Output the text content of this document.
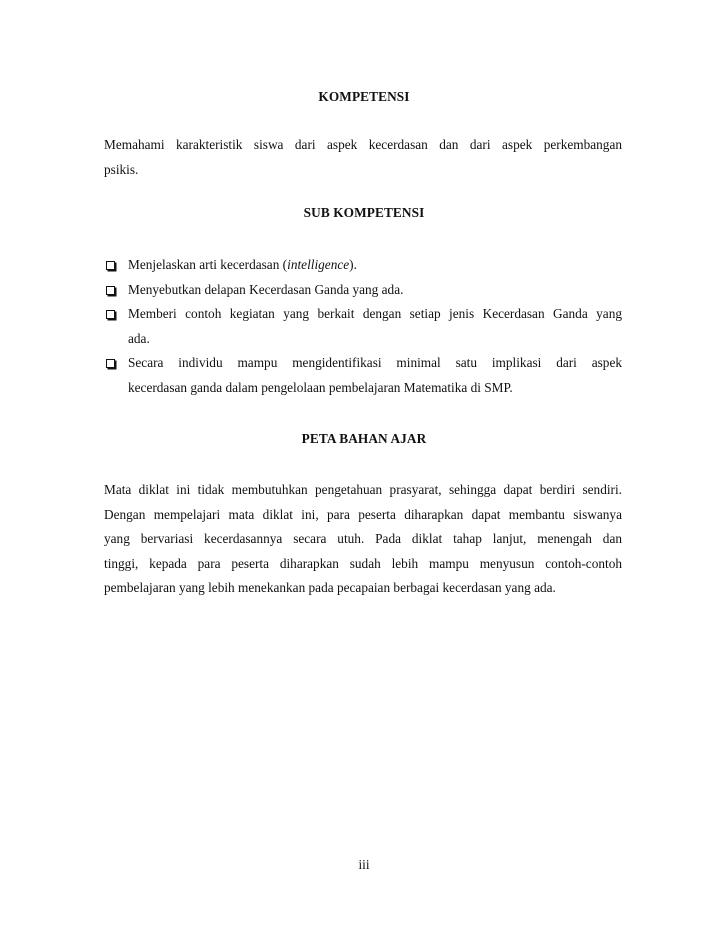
KOMPETENSI
Memahami karakteristik siswa dari aspek kecerdasan dan dari aspek perkembangan
psikis.
SUB KOMPETENSI
Menjelaskan arti kecerdasan (intelligence).
Menyebutkan delapan Kecerdasan Ganda yang ada.
Memberi contoh kegiatan yang berkait dengan setiap jenis Kecerdasan Ganda yang
ada.
Secara individu mampu mengidentifikasi minimal satu implikasi dari aspek
kecerdasan ganda dalam pengelolaan pembelajaran Matematika di SMP.
PETA BAHAN AJAR
Mata diklat ini tidak membutuhkan pengetahuan prasyarat, sehingga dapat berdiri sendiri.
Dengan mempelajari mata diklat ini, para peserta diharapkan dapat membantu siswanya
yang bervariasi kecerdasannya secara utuh. Pada diklat tahap lanjut, menengah dan
tinggi, kepada para peserta diharapkan sudah lebih mampu menyusun contoh-contoh
pembelajaran yang lebih menekankan pada pecapaian berbagai kecerdasan yang ada.
iii
